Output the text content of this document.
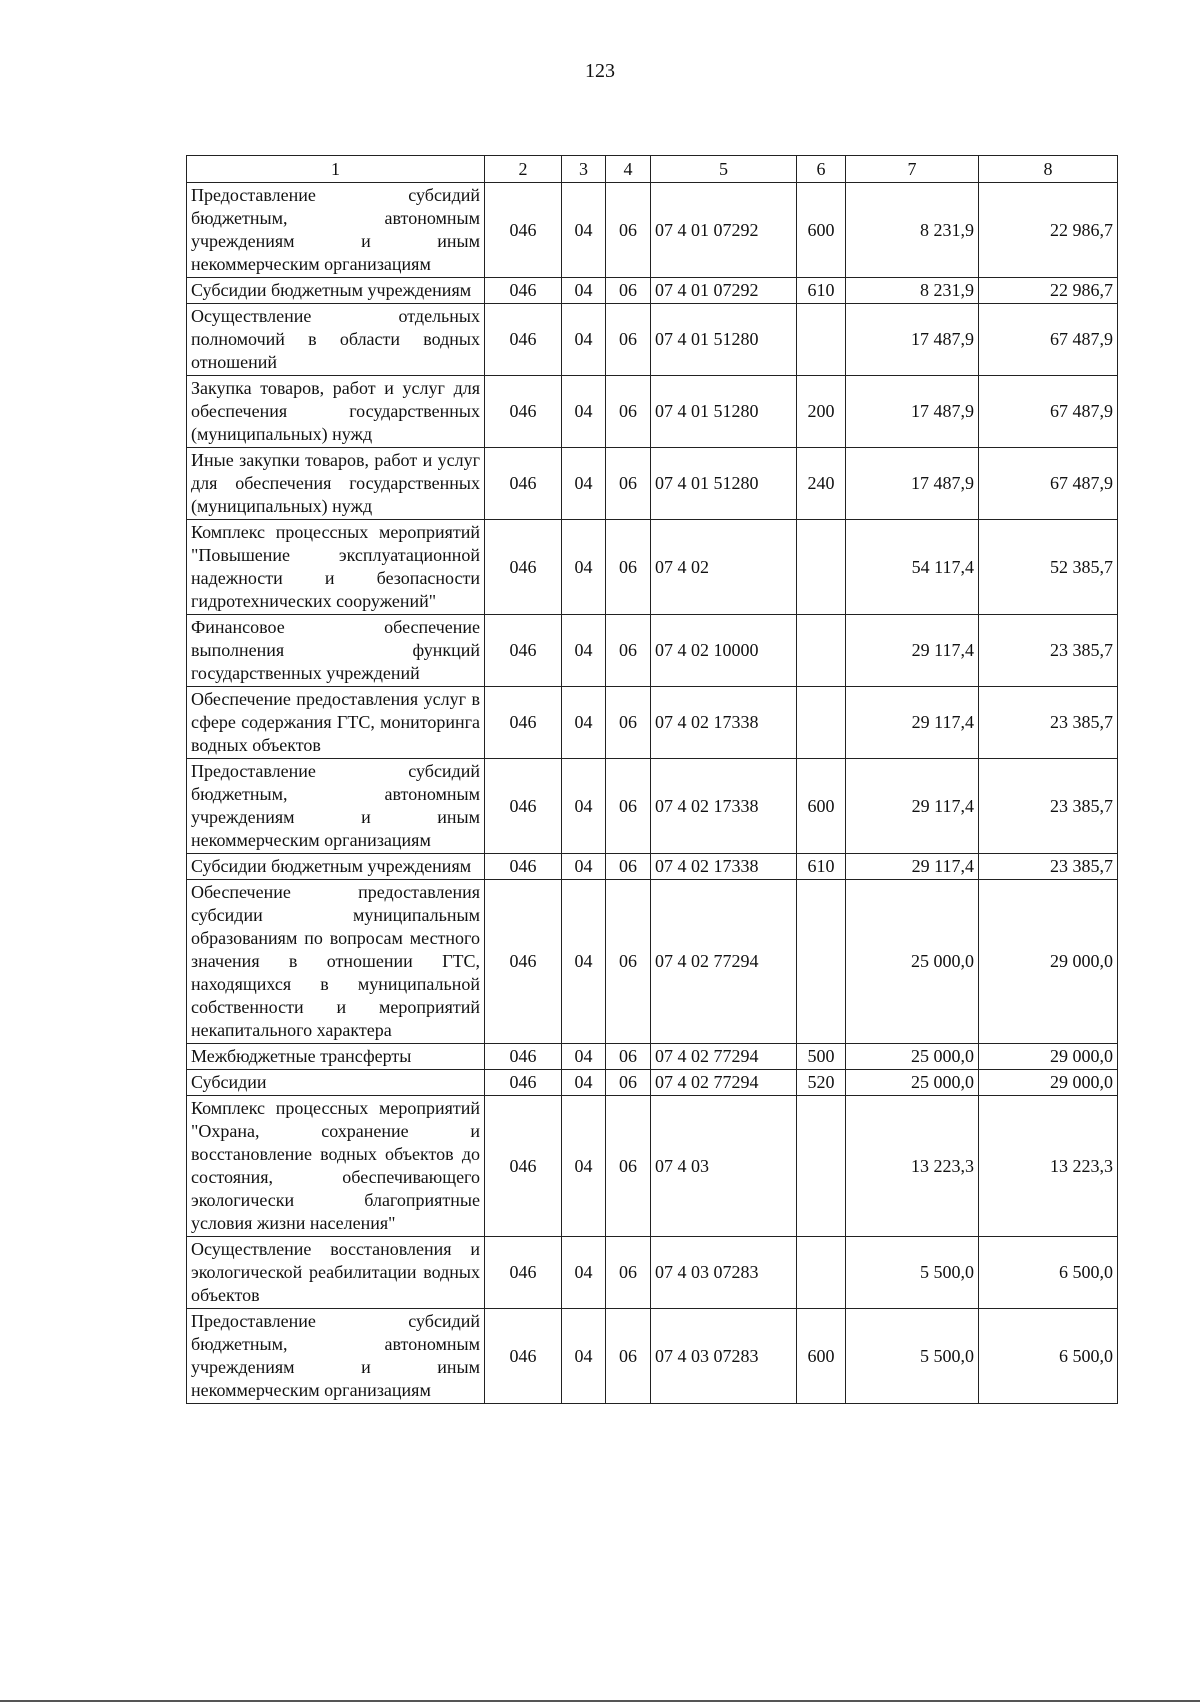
123
1	2	3	4	5	6	7	8
Предоставление субсидий бюджетным, автономным учреждениям и иным некоммерческим организациям	046	04	06	07 4 01 07292	600	8 231,9	22 986,7
Субсидии бюджетным учреждениям	046	04	06	07 4 01 07292	610	8 231,9	22 986,7
Осуществление отдельных полномочий в области водных отношений	046	04	06	07 4 01 51280		17 487,9	67 487,9
Закупка товаров, работ и услуг для обеспечения государственных (муниципальных) нужд	046	04	06	07 4 01 51280	200	17 487,9	67 487,9
Иные закупки товаров, работ и услуг для обеспечения государственных (муниципальных) нужд	046	04	06	07 4 01 51280	240	17 487,9	67 487,9
Комплекс процессных мероприятий "Повышение эксплуатационной надежности и безопасности гидротехнических сооружений"	046	04	06	07 4 02		54 117,4	52 385,7
Финансовое обеспечение выполнения функций государственных учреждений	046	04	06	07 4 02 10000		29 117,4	23 385,7
Обеспечение предоставления услуг в сфере содержания ГТС, мониторинга водных объектов	046	04	06	07 4 02 17338		29 117,4	23 385,7
Предоставление субсидий бюджетным, автономным учреждениям и иным некоммерческим организациям	046	04	06	07 4 02 17338	600	29 117,4	23 385,7
Субсидии бюджетным учреждениям	046	04	06	07 4 02 17338	610	29 117,4	23 385,7
Обеспечение предоставления субсидии муниципальным образованиям по вопросам местного значения в отношении ГТС, находящихся в муниципальной собственности и мероприятий некапитального характера	046	04	06	07 4 02 77294		25 000,0	29 000,0
Межбюджетные трансферты	046	04	06	07 4 02 77294	500	25 000,0	29 000,0
Субсидии	046	04	06	07 4 02 77294	520	25 000,0	29 000,0
Комплекс процессных мероприятий "Охрана, сохранение и восстановление водных объектов до состояния, обеспечивающего экологически благоприятные условия жизни населения"	046	04	06	07 4 03		13 223,3	13 223,3
Осуществление восстановления и экологической реабилитации водных объектов	046	04	06	07 4 03 07283		5 500,0	6 500,0
Предоставление субсидий бюджетным, автономным учреждениям и иным некоммерческим организациям	046	04	06	07 4 03 07283	600	5 500,0	6 500,0
